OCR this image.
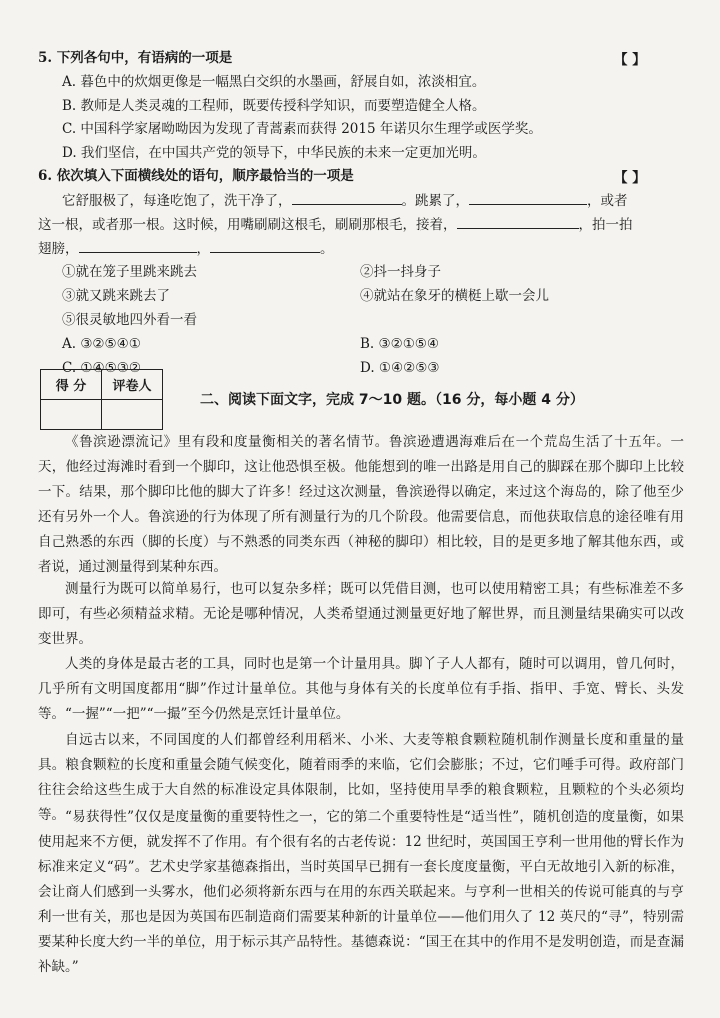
5. 下列各句中，有语病的一项是	【 】
A. 暮色中的炊烟更像是一幅黑白交织的水墨画，舒展自如，浓淡相宜。
B. 教师是人类灵魂的工程师，既要传授科学知识，而要塑造健全人格。
C. 中国科学家屠呦呦因为发现了青蒿素而获得 2015 年诺贝尔生理学或医学奖。
D. 我们坚信，在中国共产党的领导下，中华民族的未来一定更加光明。
6. 依次填入下面横线处的语句，顺序最恰当的一项是	【 】
它舒服极了，每逢吃饱了，洗干净了，	。跳累了，	，或者
这一根，或者那一根。这时候，用嘴刷刷这根毛，刷刷那根毛，接着，	，拍一拍
翅膀，	，	。
①就在笼子里跳来跳去	②抖一抖身子
③就又跳来跳去了	④就站在象牙的横梃上歇一会儿
⑤很灵敏地四外看一看
A. ③②⑤④①	B. ③②①⑤④
C. ①④⑤③②	D. ①④②⑤③
得 分	评卷人

二、阅读下面文字，完成 7～10 题。（16 分，每小题 4 分）
《鲁滨逊漂流记》里有段和度量衡相关的著名情节。鲁滨逊遭遇海难后在一个荒岛生活了十五年。一天，他经过海滩时看到一个脚印，这让他恐惧至极。他能想到的唯一出路是用自己的脚踩在那个脚印上比较一下。结果，那个脚印比他的脚大了许多！经过这次测量，鲁滨逊得以确定，来过这个海岛的，除了他至少还有另外一个人。鲁滨逊的行为体现了所有测量行为的几个阶段。他需要信息，而他获取信息的途径唯有用自己熟悉的东西（脚的长度）与不熟悉的同类东西（神秘的脚印）相比较，目的是更多地了解其他东西，或者说，通过测量得到某种东西。
测量行为既可以简单易行，也可以复杂多样；既可以凭借目测，也可以使用精密工具；有些标准差不多即可，有些必须精益求精。无论是哪种情况，人类希望通过测量更好地了解世界，而且测量结果确实可以改变世界。
人类的身体是最古老的工具，同时也是第一个计量用具。脚丫子人人都有，随时可以调用，曾几何时，几乎所有文明国度都用“脚”作过计量单位。其他与身体有关的长度单位有手指、指甲、手宽、臂长、头发等。“一握”“一把”“一撮”至今仍然是烹饪计量单位。
自远古以来，不同国度的人们都曾经利用稻米、小米、大麦等粮食颗粒随机制作测量长度和重量的量具。粮食颗粒的长度和重量会随气候变化，随着雨季的来临，它们会膨胀；不过，它们唾手可得。政府部门往往会给这些生成于大自然的标准设定具体限制，比如，坚持使用旱季的粮食颗粒，且颗粒的个头必须均等。 “易获得性”仅仅是度量衡的重要特性之一，它的第二个重要特性是“适当性”，随机创造的度量衡，如果使用起来不方便，就发挥不了作用。有个很有名的古老传说：12 世纪时，英国国王亨利一世用他的臂长作为标准来定义“码”。艺术史学家基德森指出，当时英国早已拥有一套长度度量衡，平白无故地引入新的标准，会让商人们感到一头雾水，他们必须将新东西与在用的东西关联起来。与亨利一世相关的传说可能真的与亨利一世有关，那也是因为英国布匹制造商们需要某种新的计量单位——他们用久了 12 英尺的“寻”，特别需要某种长度大约一半的单位，用于标示其产品特性。基德森说：“国王在其中的作用不是发明创造，而是查漏补缺。”
